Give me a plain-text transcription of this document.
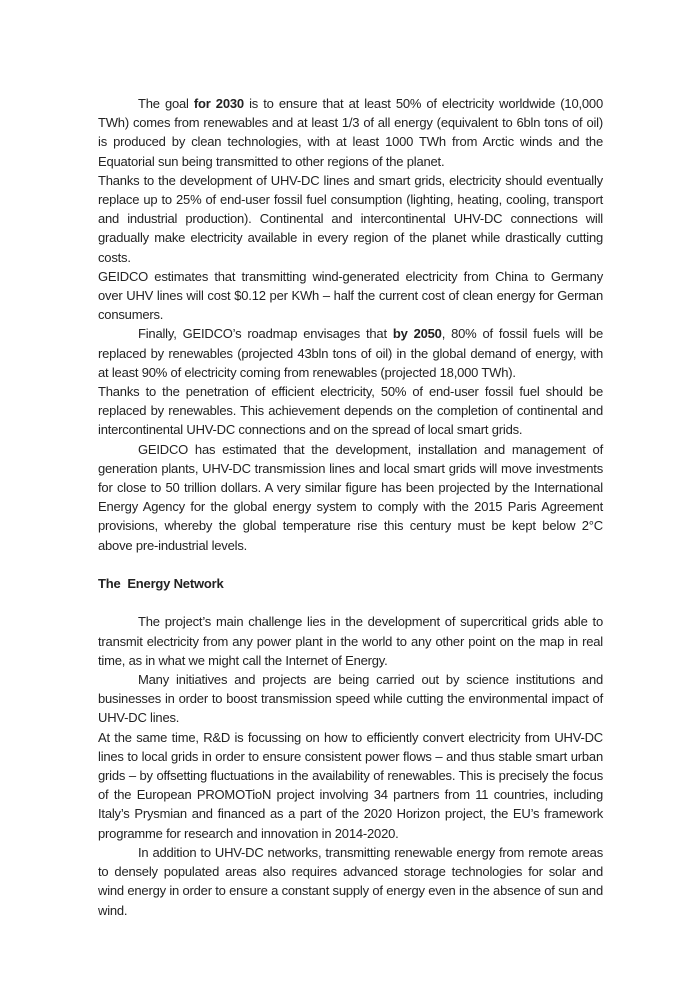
The goal for 2030 is to ensure that at least 50% of electricity worldwide (10,000 TWh) comes from renewables and at least 1/3 of all energy (equivalent to 6bln tons of oil) is produced by clean technologies, with at least 1000 TWh from Arctic winds and the Equatorial sun being transmitted to other regions of the planet.
Thanks to the development of UHV-DC lines and smart grids, electricity should eventually replace up to 25% of end-user fossil fuel consumption (lighting, heating, cooling, transport and industrial production). Continental and intercontinental UHV-DC connections will gradually make electricity available in every region of the planet while drastically cutting costs.
GEIDCO estimates that transmitting wind-generated electricity from China to Germany over UHV lines will cost $0.12 per KWh – half the current cost of clean energy for German consumers.
Finally, GEIDCO’s roadmap envisages that by 2050, 80% of fossil fuels will be replaced by renewables (projected 43bln tons of oil) in the global demand of energy, with at least 90% of electricity coming from renewables (projected 18,000 TWh).
Thanks to the penetration of efficient electricity, 50% of end-user fossil fuel should be replaced by renewables. This achievement depends on the completion of continental and intercontinental UHV-DC connections and on the spread of local smart grids.
GEIDCO has estimated that the development, installation and management of generation plants, UHV-DC transmission lines and local smart grids will move investments for close to 50 trillion dollars. A very similar figure has been projected by the International Energy Agency for the global energy system to comply with the 2015 Paris Agreement provisions, whereby the global temperature rise this century must be kept below 2°C above pre-industrial levels.
The  Energy Network
The project’s main challenge lies in the development of supercritical grids able to transmit electricity from any power plant in the world to any other point on the map in real time, as in what we might call the Internet of Energy.
Many initiatives and projects are being carried out by science institutions and businesses in order to boost transmission speed while cutting the environmental impact of UHV-DC lines.
At the same time, R&D is focussing on how to efficiently convert electricity from UHV-DC lines to local grids in order to ensure consistent power flows – and thus stable smart urban grids – by offsetting fluctuations in the availability of renewables. This is precisely the focus of the European PROMOTioN project involving 34 partners from 11 countries, including Italy’s Prysmian and financed as a part of the 2020 Horizon project, the EU’s framework programme for research and innovation in 2014-2020.
In addition to UHV-DC networks, transmitting renewable energy from remote areas to densely populated areas also requires advanced storage technologies for solar and wind energy in order to ensure a constant supply of energy even in the absence of sun and wind.
